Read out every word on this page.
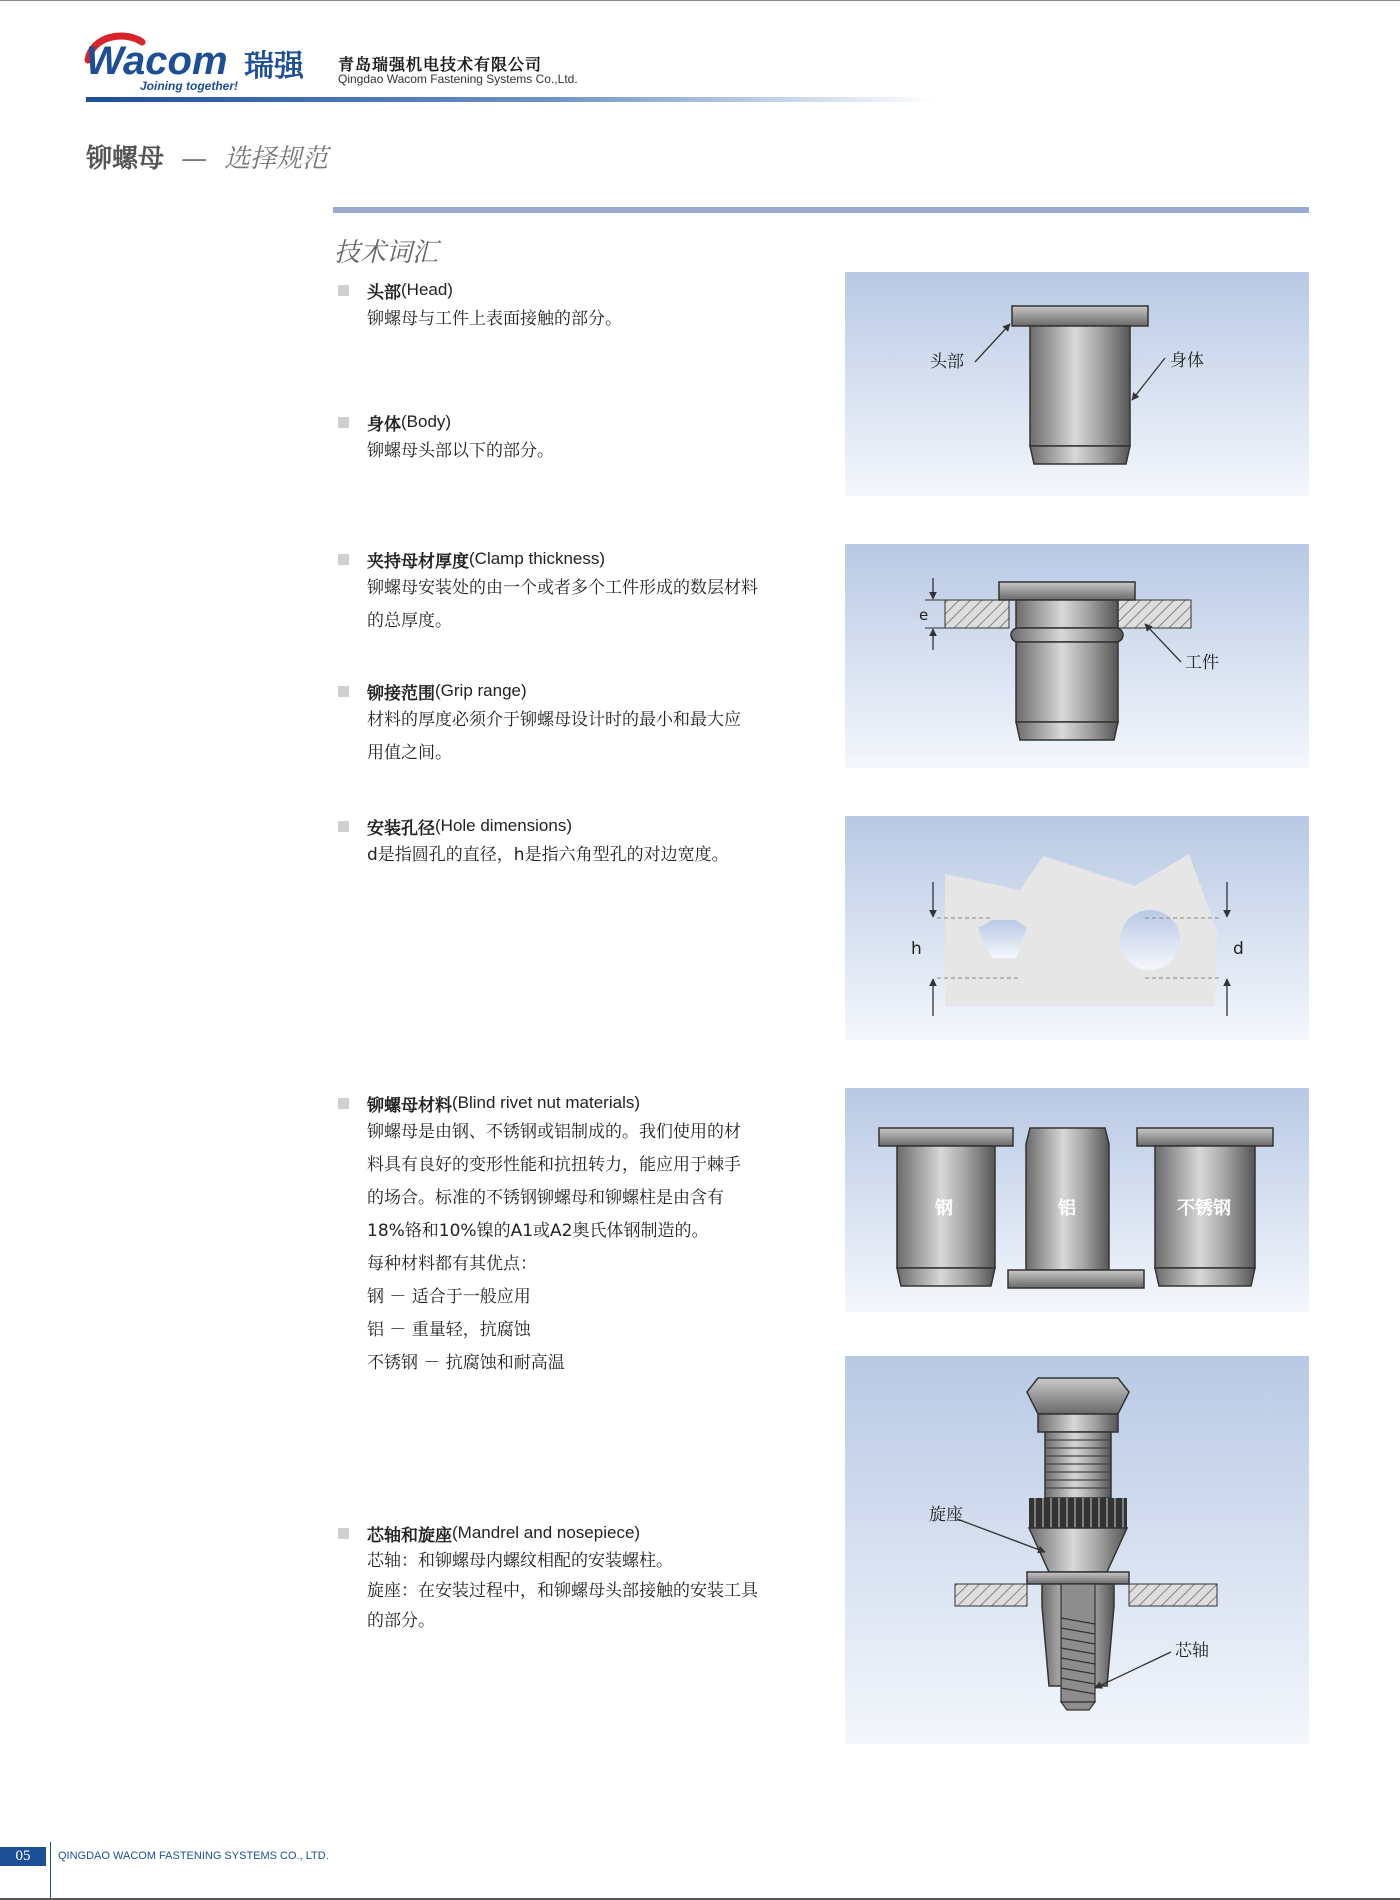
Wacom 瑞强
Joining together!
青岛瑞强机电技术有限公司
Qingdao Wacom Fastening Systems Co.,Ltd.
铆螺母 — 选择规范
技术词汇
头部 (Head)

铆螺母与工件上表面接触的部分。

身体 (Body)

铆螺母头部以下的部分。

夹持母材厚度 (Clamp thickness)

铆螺母安装处的由一个或者多个工件形成的数层材料

的总厚度。

铆接范围 (Grip range)

材料的厚度必须介于铆螺母设计时的最小和最大应

用值之间。

安装孔径 (Hole dimensions)

d是指圆孔的直径，h是指六角型孔的对边宽度。

铆螺母材料 (Blind rivet nut materials)

铆螺母是由钢、不锈钢或铝制成的。我们使用的材

料具有良好的变形性能和抗扭转力，能应用于棘手

的场合。标准的不锈钢铆螺母和铆螺柱是由含有

18%铬和10%镍的A1或A2奥氏体钢制造的。

每种材料都有其优点：

钢 － 适合于一般应用

铝 － 重量轻，抗腐蚀

不锈钢 － 抗腐蚀和耐高温

芯轴和旋座 (Mandrel and nosepiece)

芯轴：和铆螺母内螺纹相配的安装螺柱。

旋座：在安装过程中，和铆螺母头部接触的安装工具

的部分。

头部	身体
e
工件
h	d
钢	铝	不锈钢
旋座
芯轴
05	QINGDAO WACOM FASTENING SYSTEMS CO., LTD.
